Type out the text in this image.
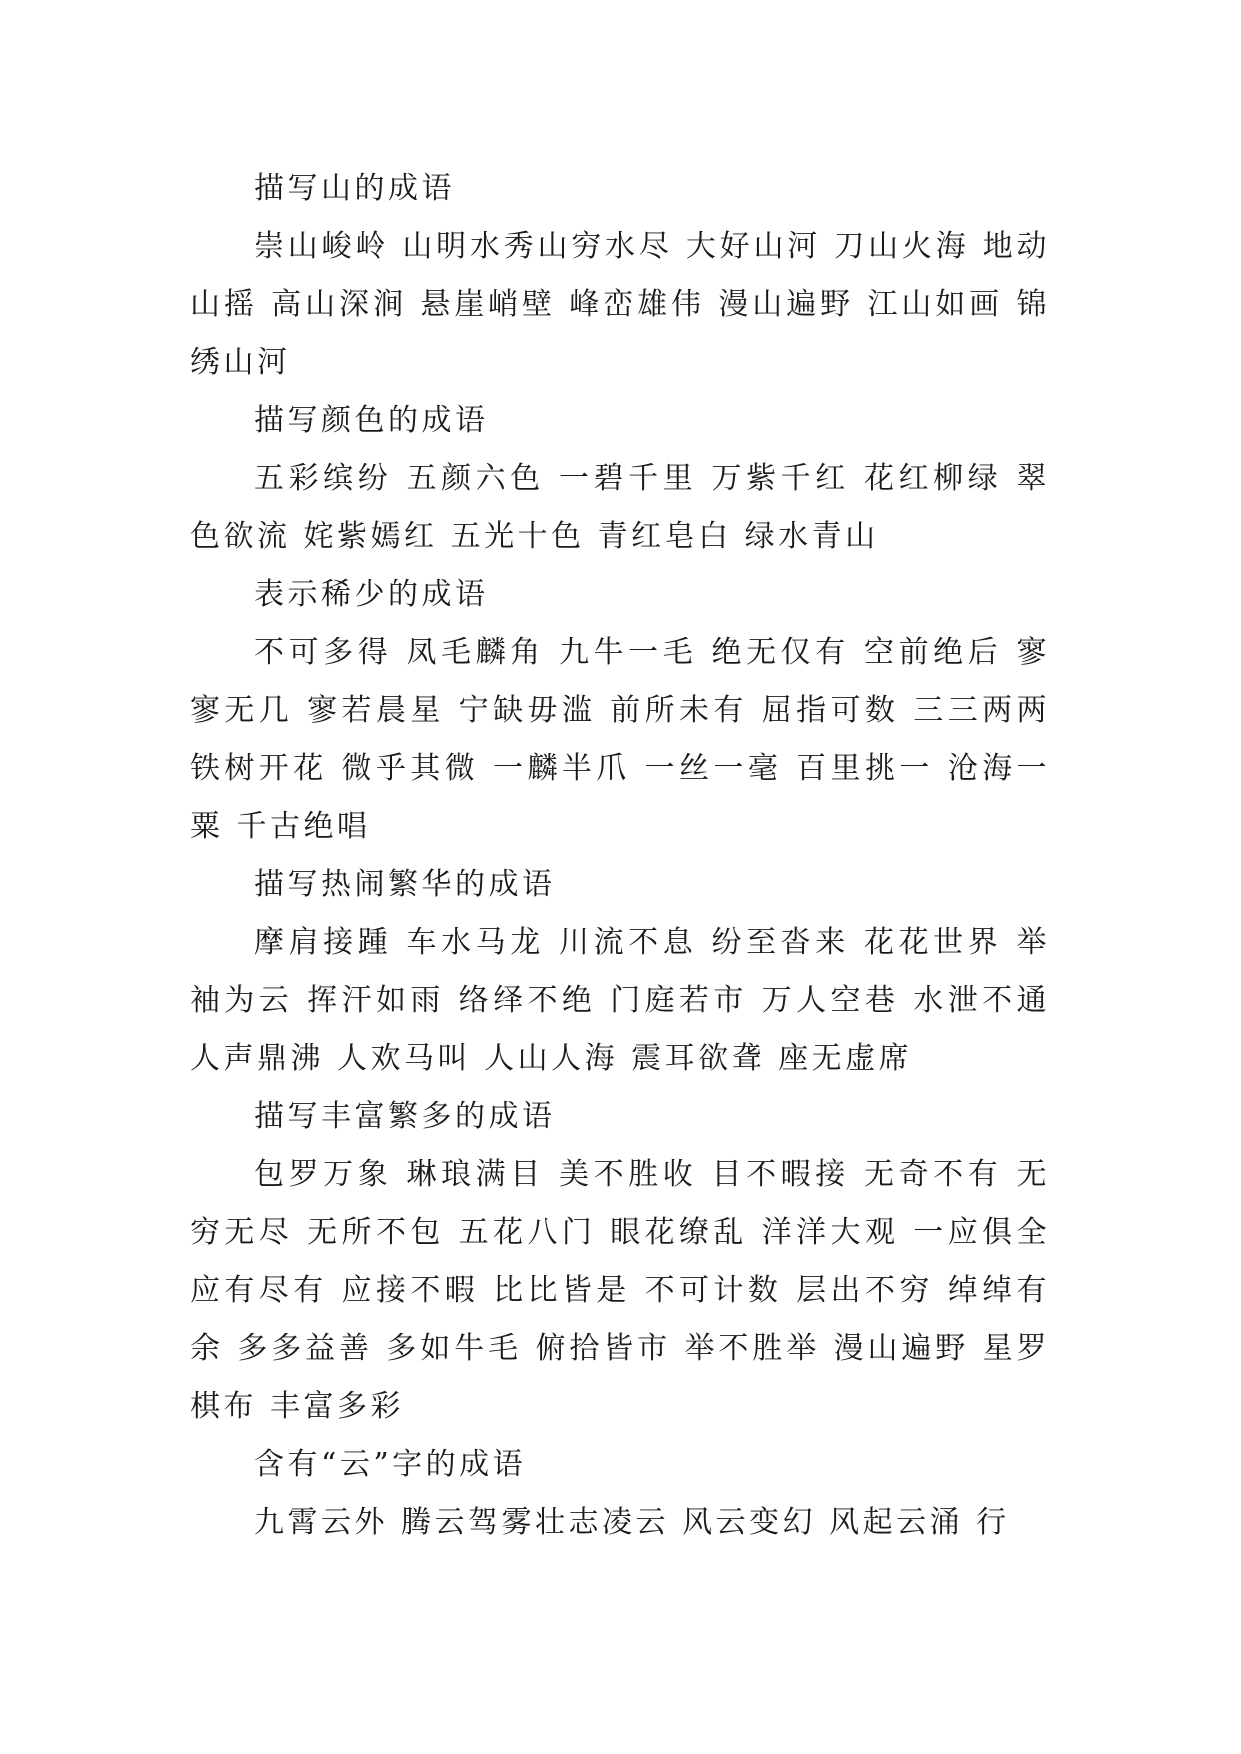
描写山的成语

崇山峻岭 山明水秀山穷水尽 大好山河 刀山火海 地动山摇 高山深涧 悬崖峭壁 峰峦雄伟 漫山遍野 江山如画 锦绣山河

描写颜色的成语

五彩缤纷 五颜六色 一碧千里 万紫千红 花红柳绿 翠色欲流 姹紫嫣红 五光十色 青红皂白 绿水青山

表示稀少的成语

不可多得 凤毛麟角 九牛一毛 绝无仅有 空前绝后 寥寥无几 寥若晨星 宁缺毋滥 前所未有 屈指可数 三三两两 铁树开花 微乎其微 一麟半爪 一丝一毫 百里挑一 沧海一粟 千古绝唱

描写热闹繁华的成语

摩肩接踵 车水马龙 川流不息 纷至沓来 花花世界 举袖为云 挥汗如雨 络绎不绝 门庭若市 万人空巷 水泄不通 人声鼎沸 人欢马叫 人山人海 震耳欲聋 座无虚席

描写丰富繁多的成语

包罗万象 琳琅满目 美不胜收 目不暇接 无奇不有 无穷无尽 无所不包 五花八门 眼花缭乱 洋洋大观 一应俱全 应有尽有 应接不暇 比比皆是 不可计数 层出不穷 绰绰有余 多多益善 多如牛毛 俯拾皆市 举不胜举 漫山遍野 星罗棋布 丰富多彩

含有“云”字的成语

九霄云外 腾云驾雾壮志凌云 风云变幻 风起云涌 行
